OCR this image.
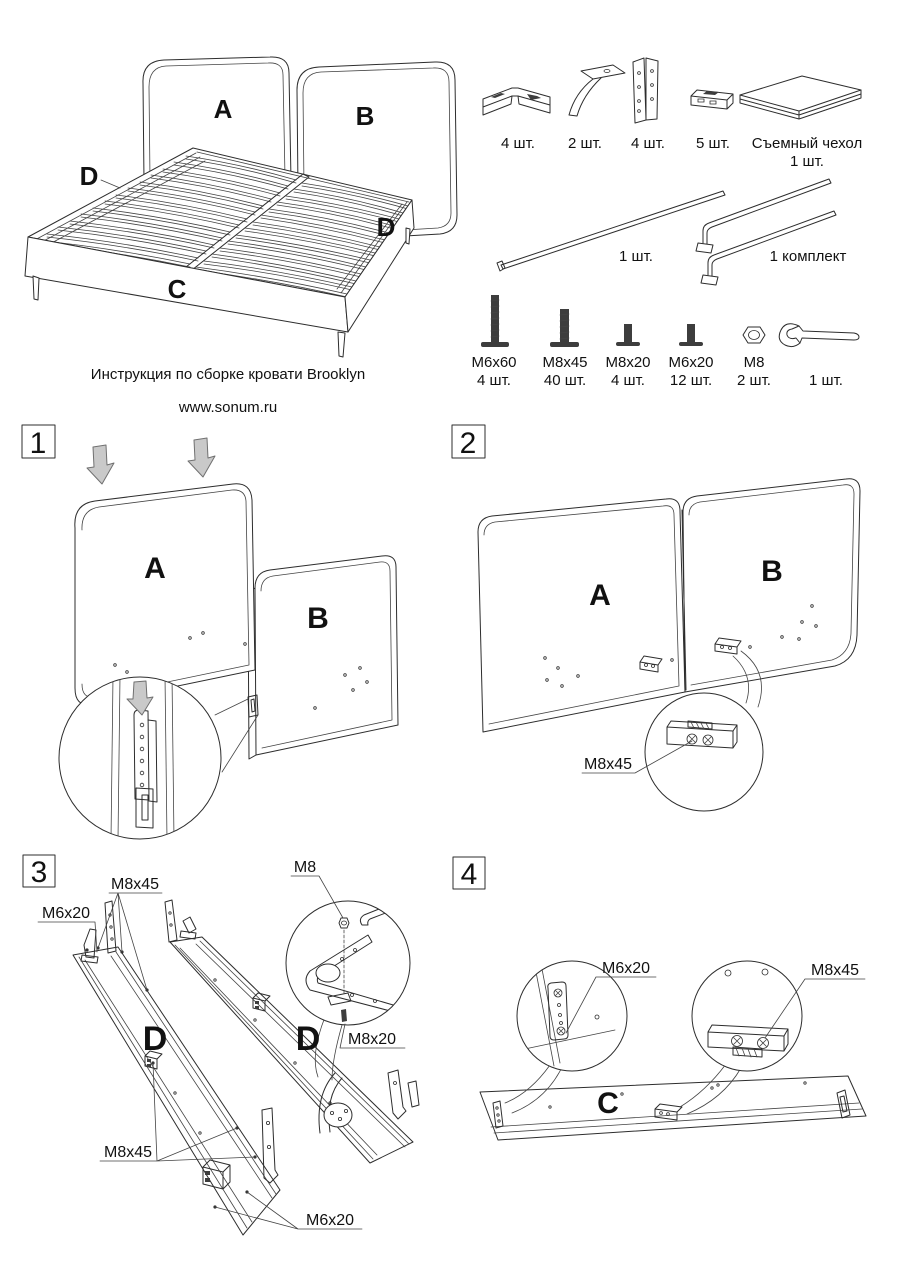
A	B
D
D
C
Инструкция по сборке кровати Brooklyn
www.sonum.ru
4 шт. 2 шт. 4 шт. 5 шт. Съемный чехол
1 шт.
1 шт.	1 комплект
M6x60
4 шт.
M8x45
40 шт.
M8x20
4 шт.
M6x20
12 шт.
M8
2 шт.	1 шт.
1
A
B
2
M8x45
A
B
3	M8x45
M6x20
M8
M8x20
M8x45
M6x20
D	D
4
M6x20	M8x45
C
